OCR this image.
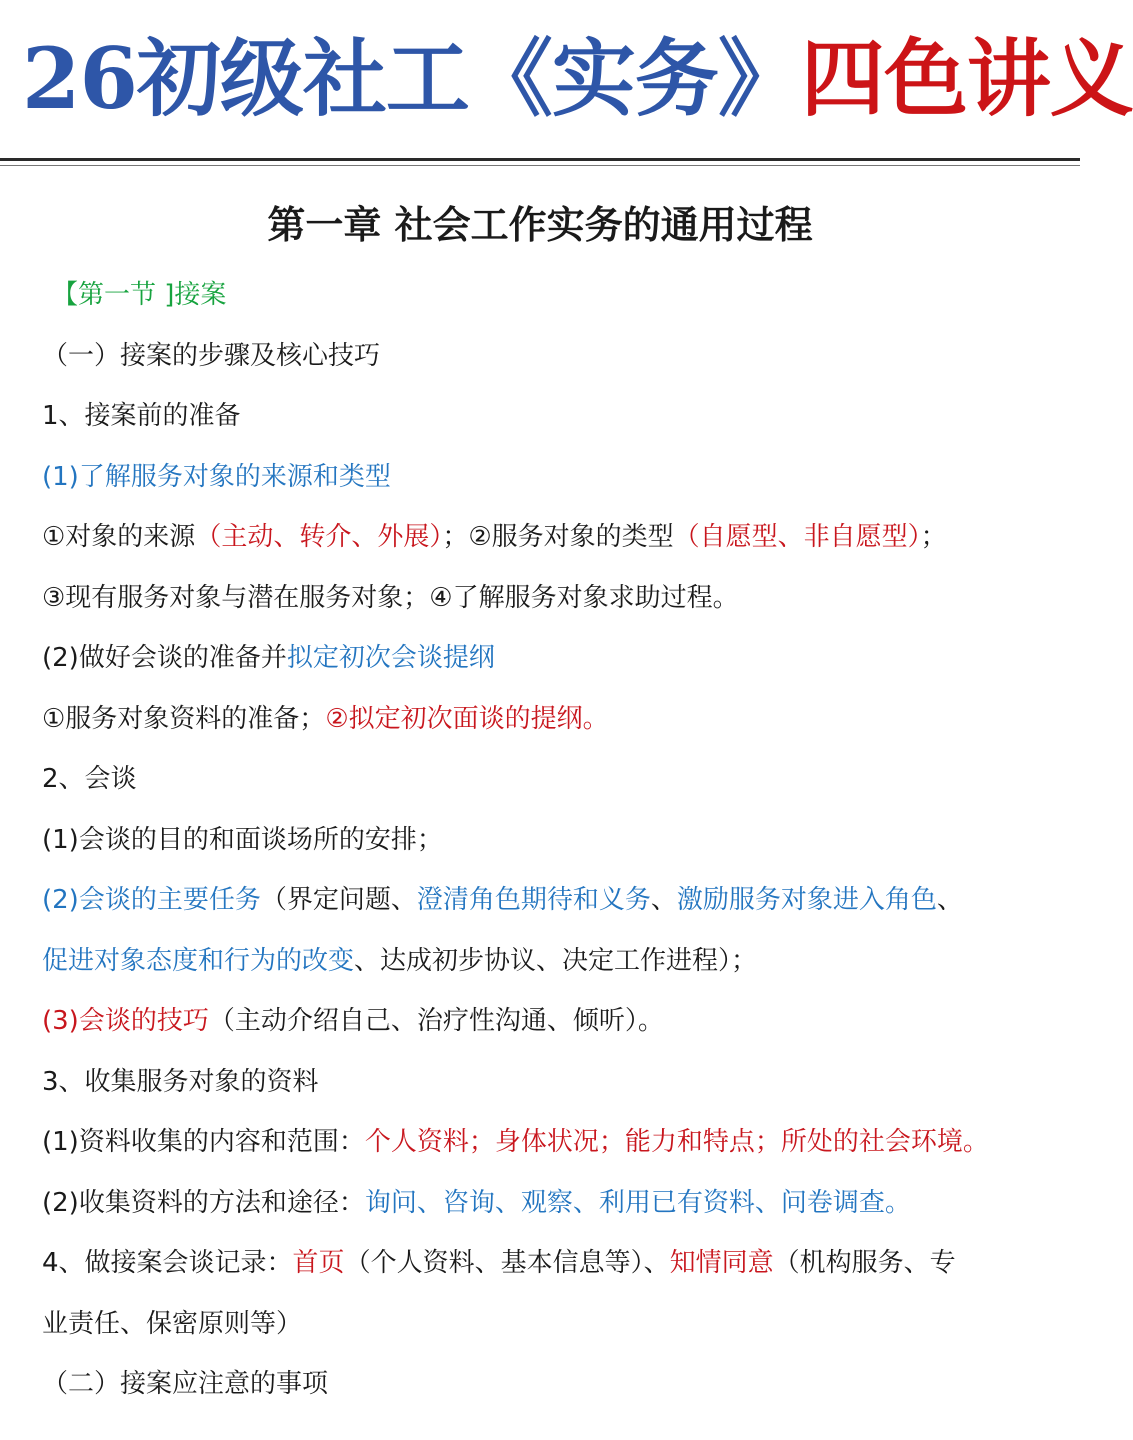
26初级社工《实务》四色讲义
第一章 社会工作实务的通用过程
【第一节 ]接案
（一）接案的步骤及核心技巧
1、接案前的准备
(1)了解服务对象的来源和类型
①对象的来源（主动、转介、外展）；②服务对象的类型（自愿型、非自愿型）；
③现有服务对象与潜在服务对象；④了解服务对象求助过程。
(2)做好会谈的准备并拟定初次会谈提纲
①服务对象资料的准备；②拟定初次面谈的提纲。
2、会谈
(1)会谈的目的和面谈场所的安排；
(2)会谈的主要任务（界定问题、澄清角色期待和义务、激励服务对象进入角色、
促进对象态度和行为的改变、达成初步协议、决定工作进程）；
(3)会谈的技巧（主动介绍自己、治疗性沟通、倾听）。
3、收集服务对象的资料
(1)资料收集的内容和范围：个人资料；身体状况；能力和特点；所处的社会环境。
(2)收集资料的方法和途径：询问、咨询、观察、利用已有资料、问卷调查。
4、做接案会谈记录：首页（个人资料、基本信息等）、知情同意（机构服务、专
业责任、保密原则等）
（二）接案应注意的事项
